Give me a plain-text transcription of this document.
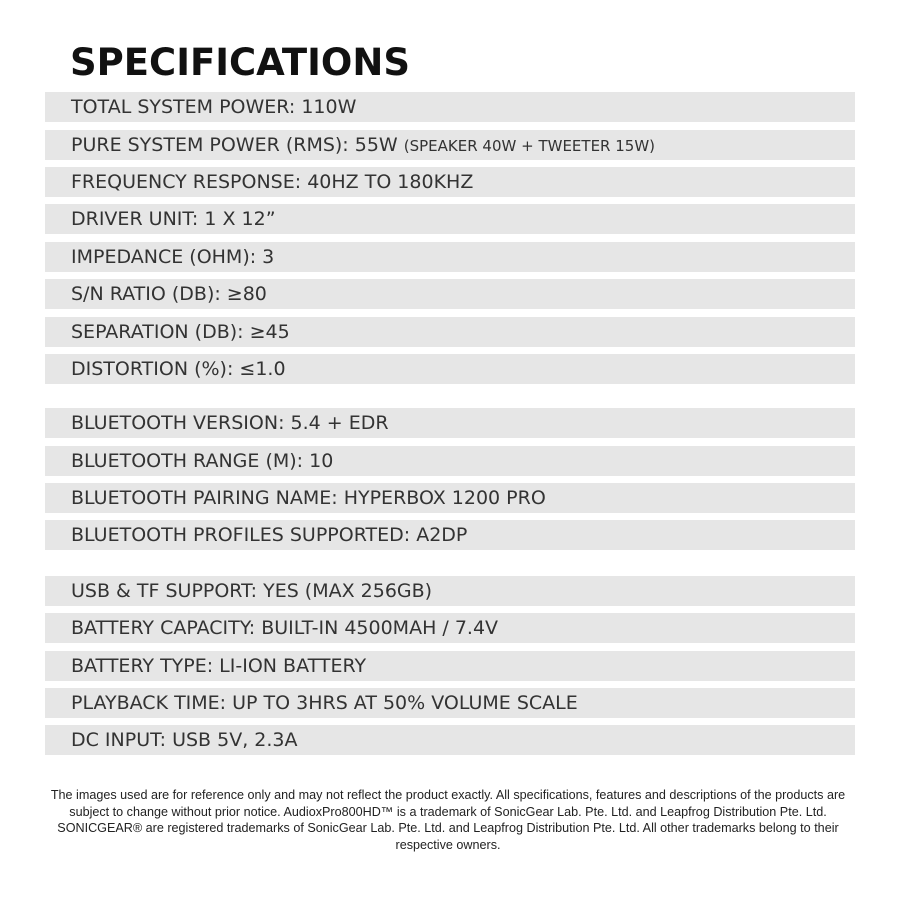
SPECIFICATIONS
TOTAL SYSTEM POWER: 110W
PURE SYSTEM POWER (RMS): 55W (SPEAKER 40W + TWEETER 15W)
FREQUENCY RESPONSE: 40HZ TO 180KHZ
DRIVER UNIT: 1 X 12”
IMPEDANCE (OHM): 3
S/N RATIO (DB): ≥80
SEPARATION (DB): ≥45
DISTORTION (%): ≤1.0
BLUETOOTH VERSION: 5.4 + EDR
BLUETOOTH RANGE (M): 10
BLUETOOTH PAIRING NAME: HYPERBOX 1200 PRO
BLUETOOTH PROFILES SUPPORTED: A2DP
USB & TF SUPPORT: YES (MAX 256GB)
BATTERY CAPACITY: BUILT-IN 4500MAH / 7.4V
BATTERY TYPE: LI-ION BATTERY
PLAYBACK TIME: UP TO 3HRS AT 50% VOLUME SCALE
DC INPUT: USB 5V, 2.3A

The images used are for reference only and may not reflect the product exactly. All specifications, features and descriptions of the products are subject to change without prior notice. AudioxPro800HD™ is a trademark of SonicGear Lab. Pte. Ltd. and Leapfrog Distribution Pte. Ltd. SONICGEAR® are registered trademarks of SonicGear Lab. Pte. Ltd. and Leapfrog Distribution Pte. Ltd. All other trademarks belong to their respective owners.
